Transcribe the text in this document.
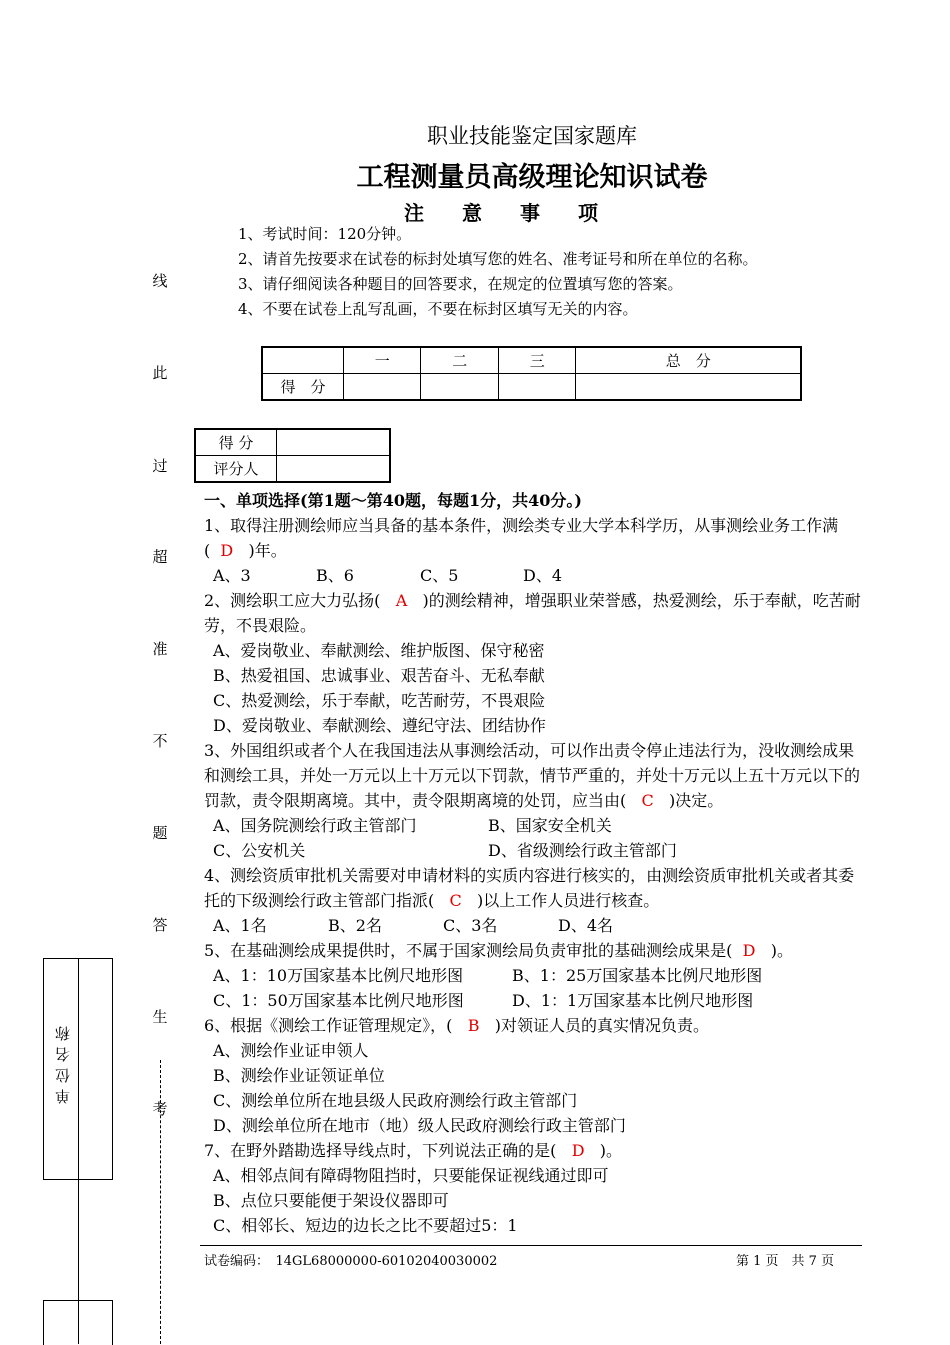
职业技能鉴定国家题库
工程测量员高级理论知识试卷
注意事项
1、考试时间：120分钟。
2、请首先按要求在试卷的标封处填写您的姓名、准考证号和所在单位的名称。
3、请仔细阅读各种题目的回答要求，在规定的位置填写您的答案。
4、不要在试卷上乱写乱画，不要在标封区填写无关的内容。
	一	二	三	总　分
得　分				
得 分	
评分人	
一、单项选择(第1题～第40题，每题1分，共40分。)
1、取得注册测绘师应当具备的基本条件，测绘类专业大学本科学历，从事测绘业务工作满( D )年。
A、3	B、6	C、5	D、4
2、测绘职工应大力弘扬( A )的测绘精神，增强职业荣誉感，热爱测绘，乐于奉献，吃苦耐劳，不畏艰险。
A、爱岗敬业、奉献测绘、维护版图、保守秘密
B、热爱祖国、忠诚事业、艰苦奋斗、无私奉献
C、热爱测绘，乐于奉献，吃苦耐劳，不畏艰险
D、爱岗敬业、奉献测绘、遵纪守法、团结协作
3、外国组织或者个人在我国违法从事测绘活动，可以作出责令停止违法行为，没收测绘成果和测绘工具，并处一万元以上十万元以下罚款，情节严重的，并处十万元以上五十万元以下的罚款，责令限期离境。其中，责令限期离境的处罚，应当由( C )决定。
A、国务院测绘行政主管部门	B、国家安全机关
C、公安机关	D、省级测绘行政主管部门
4、测绘资质审批机关需要对申请材料的实质内容进行核实的，由测绘资质审批机关或者其委托的下级测绘行政主管部门指派( C )以上工作人员进行核查。
A、1名	B、2名	C、3名	D、4名
5、在基础测绘成果提供时，不属于国家测绘局负责审批的基础测绘成果是( D )。
A、1：10万国家基本比例尺地形图	B、1：25万国家基本比例尺地形图
C、1：50万国家基本比例尺地形图	D、1：1万国家基本比例尺地形图
6、根据《测绘工作证管理规定》，( B )对领证人员的真实情况负责。
A、测绘作业证申领人
B、测绘作业证领证单位
C、测绘单位所在地县级人民政府测绘行政主管部门
D、测绘单位所在地市（地）级人民政府测绘行政主管部门
7、在野外踏勘选择导线点时，下列说法正确的是( D )。
A、相邻点间有障碍物阻挡时，只要能保证视线通过即可
B、点位只要能便于架设仪器即可
C、相邻长、短边的边长之比不要超过5：1
线
此
过
超
准
不
题
答
生
考
单位名称
试卷编码：　14GL68000000-60102040030002	第 1 页　共 7 页
